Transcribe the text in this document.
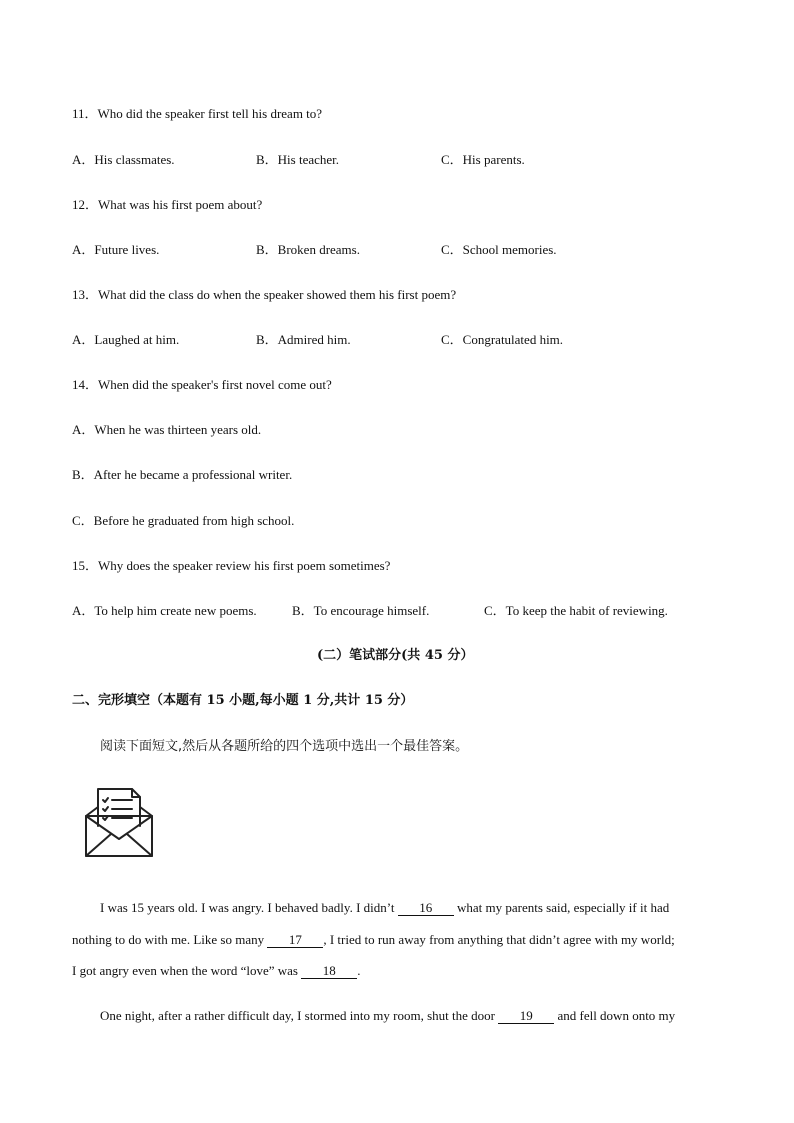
11．Who did the speaker first tell his dream to?
A．His classmates.	B．His teacher.	C．His parents.
12．What was his first poem about?
A．Future lives.	B．Broken dreams.	C．School memories.
13．What did the class do when the speaker showed them his first poem?
A．Laughed at him.	B．Admired him.	C．Congratulated him.
14．When did the speaker's first novel come out?
A．When he was thirteen years old.
B．After he became a professional writer.
C．Before he graduated from high school.
15．Why does the speaker review his first poem sometimes?
A．To help him create new poems.	B．To encourage himself.	C．To keep the habit of reviewing.
(二）笔试部分(共 45 分）
二、完形填空（本题有 15 小题,每小题 1 分,共计 15 分）
阅读下面短文,然后从各题所给的四个选项中选出一个最佳答案。
I was 15 years old. I was angry. I behaved badly. I didn’t 16 what my parents said, especially if it had
nothing to do with me. Like so many 17 , I tried to run away from anything that didn’t agree with my world;
I got angry even when the word “love” was 18 .
One night, after a rather difficult day, I stormed into my room, shut the door 19 and fell down onto my
